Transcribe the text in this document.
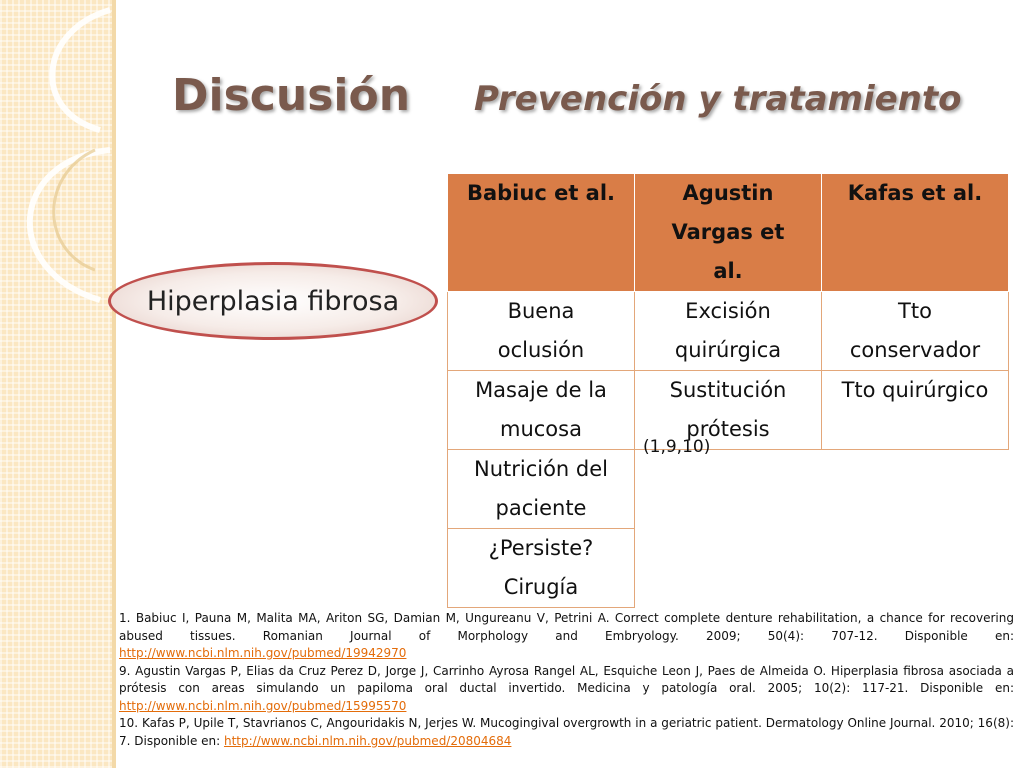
Discusión Prevención y tratamiento
Hiperplasia fibrosa
Babiuc et al.	Agustin Vargas et al.	Kafas et al.

Buena oclusión	Excisión quirúrgica	Tto conservador

Masaje de la mucosa	Sustitución prótesis	Tto quirúrgico

Nutrición del paciente		

¿Persiste? Cirugía		

(1,9,10)

1. Babiuc I, Pauna M, Malita MA, Ariton SG, Damian M, Ungureanu V, Petrini A. Correct complete denture rehabilitation, a chance for recovering abused tissues. Romanian Journal of Morphology and Embryology. 2009; 50(4): 707-12. Disponible en: http://www.ncbi.nlm.nih.gov/pubmed/19942970

9. Agustin Vargas P, Elias da Cruz Perez D, Jorge J, Carrinho Ayrosa Rangel AL, Esquiche Leon J, Paes de Almeida O. Hiperplasia fibrosa asociada a prótesis con areas simulando un papiloma oral ductal invertido. Medicina y patología oral. 2005; 10(2): 117-21. Disponible en: http://www.ncbi.nlm.nih.gov/pubmed/15995570

10. Kafas P, Upile T, Stavrianos C, Angouridakis N, Jerjes W. Mucogingival overgrowth in a geriatric patient. Dermatology Online Journal. 2010; 16(8): 7. Disponible en: http://www.ncbi.nlm.nih.gov/pubmed/20804684
